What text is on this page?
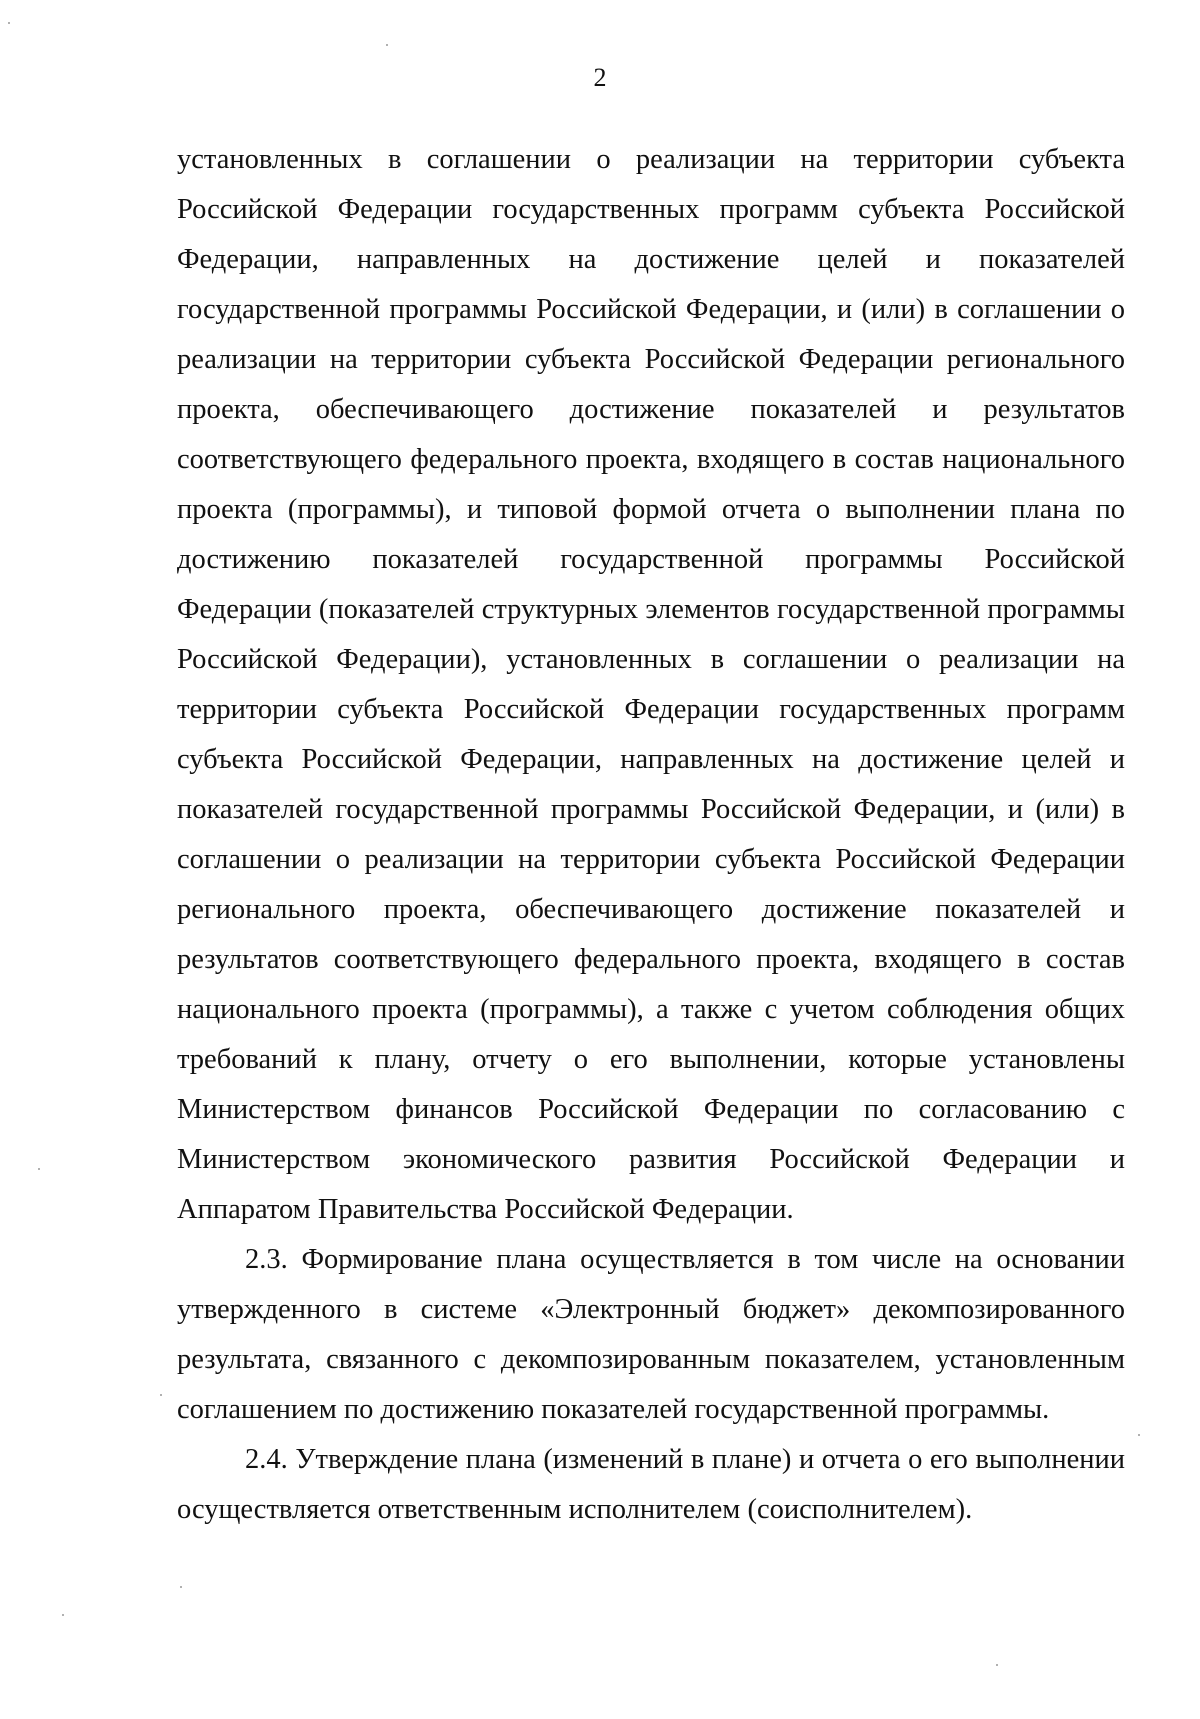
2

установленных в соглашении о реализации на территории субъекта Российской Федерации государственных программ субъекта Российской Федерации, направленных на достижение целей и показателей государственной программы Российской Федерации, и (или) в соглашении о реализации на территории субъекта Российской Федерации регионального проекта, обеспечивающего достижение показателей и результатов соответствующего федерального проекта, входящего в состав национального проекта (программы), и типовой формой отчета о выполнении плана по достижению показателей государственной программы Российской Федерации (показателей структурных элементов государственной программы Российской Федерации), установленных в соглашении о реализации на территории субъекта Российской Федерации государственных программ субъекта Российской Федерации, направленных на достижение целей и показателей государственной программы Российской Федерации, и (или) в соглашении о реализации на территории субъекта Российской Федерации регионального проекта, обеспечивающего достижение показателей и результатов соответствующего федерального проекта, входящего в состав национального проекта (программы), а также с учетом соблюдения общих требований к плану, отчету о его выполнении, которые установлены Министерством финансов Российской Федерации по согласованию с Министерством экономического развития Российской Федерации и Аппаратом Правительства Российской Федерации.

2.3. Формирование плана осуществляется в том числе на основании утвержденного в системе «Электронный бюджет» декомпозированного результата, связанного с декомпозированным показателем, установленным соглашением по достижению показателей государственной программы.

2.4. Утверждение плана (изменений в плане) и отчета о его выполнении осуществляется ответственным исполнителем (соисполнителем).
